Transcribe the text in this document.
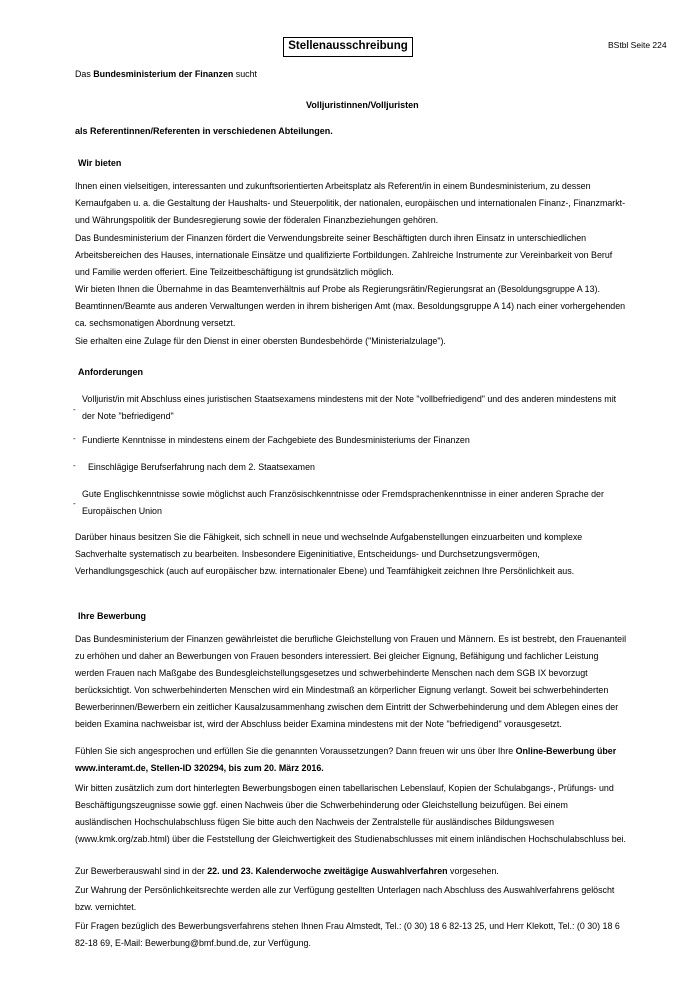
Stellenausschreibung	BStbl Seite 224

Das Bundesministerium der Finanzen sucht

Volljuristinnen/Volljuristen
als Referentinnen/Referenten in verschiedenen Abteilungen.
Wir bieten

Ihnen einen vielseitigen, interessanten und zukunftsorientierten Arbeitsplatz als Referent/in in einem Bundesministerium, zu dessen Kernaufgaben u. a. die Gestaltung der Haushalts- und Steuerpolitik, der nationalen, europäischen und internationalen Finanz-, Finanzmarkt- und Währungspolitik der Bundesregierung sowie der föderalen Finanzbeziehungen gehören.

Das Bundesministerium der Finanzen fördert die Verwendungsbreite seiner Beschäftigten durch ihren Einsatz in unterschiedlichen Arbeitsbereichen des Hauses, internationale Einsätze und qualifizierte Fortbildungen. Zahlreiche Instrumente zur Vereinbarkeit von Beruf und Familie werden offeriert. Eine Teilzeitbeschäftigung ist grundsätzlich möglich.

Wir bieten Ihnen die Übernahme in das Beamtenverhältnis auf Probe als Regierungsrätin/Regierungsrat an (Besoldungsgruppe A 13). Beamtinnen/Beamte aus anderen Verwaltungen werden in ihrem bisherigen Amt (max. Besoldungsgruppe A 14) nach einer vorhergehenden ca. sechsmonatigen Abordnung versetzt.

Sie erhalten eine Zulage für den Dienst in einer obersten Bundesbehörde ("Ministerialzulage").

Anforderungen
-
Volljurist/in mit Abschluss eines juristischen Staatsexamens mindestens mit der Note "vollbefriedigend" und des anderen mindestens mit der Note "befriedigend"
- Fundierte Kenntnisse in mindestens einem der Fachgebiete des Bundesministeriums der Finanzen
- Einschlägige Berufserfahrung nach dem 2. Staatsexamen
-
Gute Englischkenntnisse sowie möglichst auch Französischkenntnisse oder Fremdsprachenkenntnisse in einer anderen Sprache der Europäischen Union

Darüber hinaus besitzen Sie die Fähigkeit, sich schnell in neue und wechselnde Aufgabenstellungen einzuarbeiten und komplexe Sachverhalte systematisch zu bearbeiten. Insbesondere Eigeninitiative, Entscheidungs- und Durchsetzungsvermögen, Verhandlungsgeschick (auch auf europäischer bzw. internationaler Ebene) und Teamfähigkeit zeichnen Ihre Persönlichkeit aus.

Ihre Bewerbung

Das Bundesministerium der Finanzen gewährleistet die berufliche Gleichstellung von Frauen und Männern. Es ist bestrebt, den Frauenanteil zu erhöhen und daher an Bewerbungen von Frauen besonders interessiert. Bei gleicher Eignung, Befähigung und fachlicher Leistung werden Frauen nach Maßgabe des Bundesgleichstellungsgesetzes und schwerbehinderte Menschen nach dem SGB IX bevorzugt berücksichtigt. Von schwerbehinderten Menschen wird ein Mindestmaß an körperlicher Eignung verlangt. Soweit bei schwerbehinderten Bewerberinnen/Bewerbern ein zeitlicher Kausalzusammenhang zwischen dem Eintritt der Schwerbehinderung und dem Ablegen eines der beiden Examina nachweisbar ist, wird der Abschluss beider Examina mindestens mit der Note "befriedigend" vorausgesetzt.

Fühlen Sie sich angesprochen und erfüllen Sie die genannten Voraussetzungen? Dann freuen wir uns über Ihre Online-Bewerbung über www.interamt.de, Stellen-ID 320294, bis zum 20. März 2016.

Wir bitten zusätzlich zum dort hinterlegten Bewerbungsbogen einen tabellarischen Lebenslauf, Kopien der Schulabgangs-, Prüfungs- und Beschäftigungszeugnisse sowie ggf. einen Nachweis über die Schwerbehinderung oder Gleichstellung beizufügen. Bei einem ausländischen Hochschulabschluss fügen Sie bitte auch den Nachweis der Zentralstelle für ausländisches Bildungswesen (www.kmk.org/zab.html) über die Feststellung der Gleichwertigkeit des Studienabschlusses mit einem inländischen Hochschulabschluss bei.

Zur Bewerberauswahl sind in der 22. und 23. Kalenderwoche zweitägige Auswahlverfahren vorgesehen.

Zur Wahrung der Persönlichkeitsrechte werden alle zur Verfügung gestellten Unterlagen nach Abschluss des Auswahlverfahrens gelöscht bzw. vernichtet.

Für Fragen bezüglich des Bewerbungsverfahrens stehen Ihnen Frau Almstedt, Tel.: (0 30) 18 6 82-13 25, und Herr Klekott, Tel.: (0 30) 18 6 82-18 69, E-Mail: Bewerbung@bmf.bund.de, zur Verfügung.
